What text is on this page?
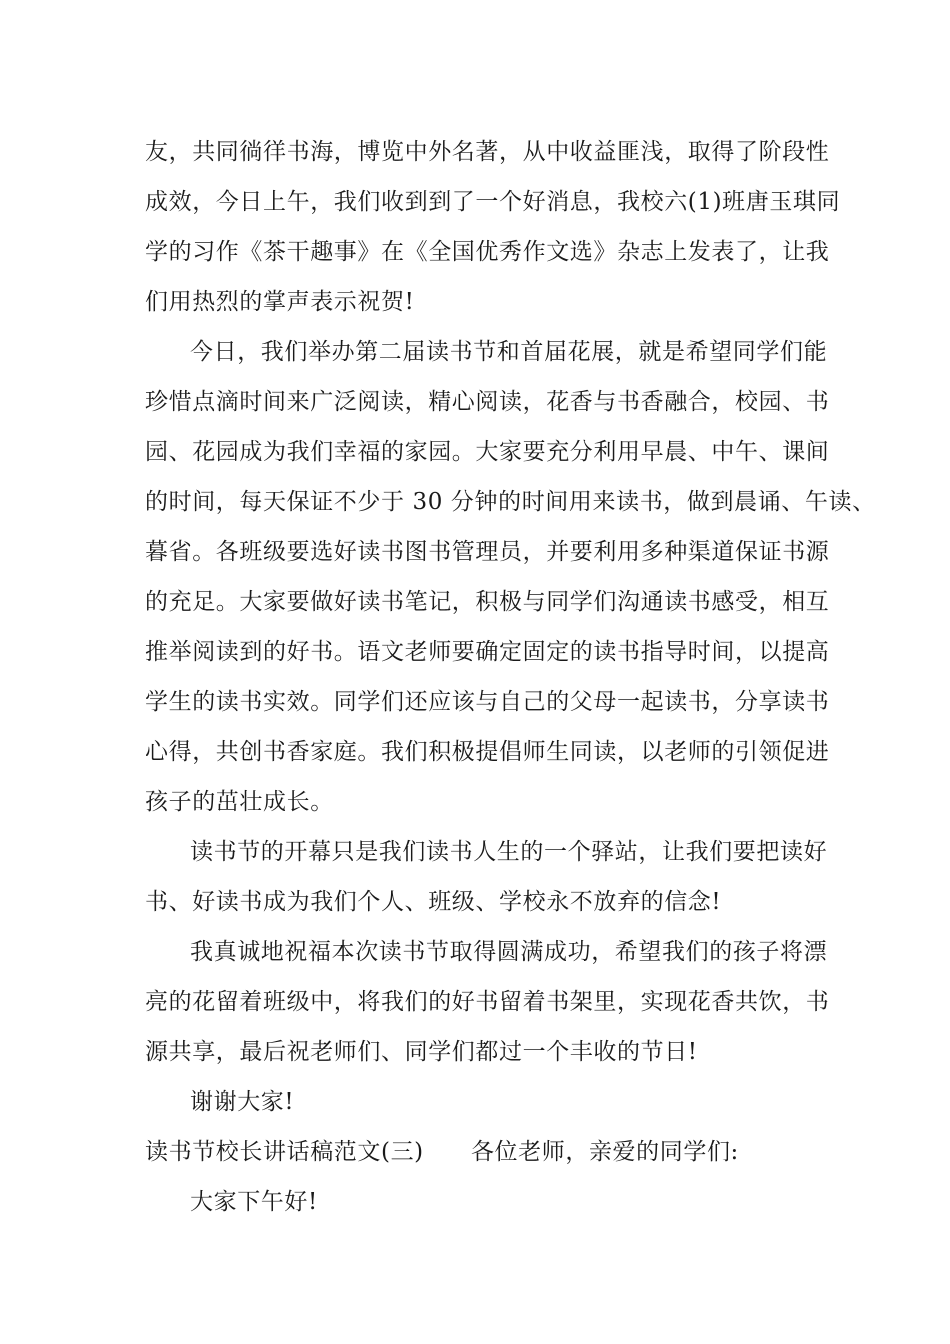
友，共同徜徉书海，博览中外名著，从中收益匪浅，取得了阶段性
成效，今日上午，我们收到到了一个好消息，我校六(1)班唐玉琪同
学的习作《茶干趣事》在《全国优秀作文选》杂志上发表了，让我
们用热烈的掌声表示祝贺!
今日，我们举办第二届读书节和首届花展，就是希望同学们能
珍惜点滴时间来广泛阅读，精心阅读，花香与书香融合，校园、书
园、花园成为我们幸福的家园。大家要充分利用早晨、中午、课间
的时间，每天保证不少于 30 分钟的时间用来读书，做到晨诵、午读、
暮省。各班级要选好读书图书管理员，并要利用多种渠道保证书源
的充足。大家要做好读书笔记，积极与同学们沟通读书感受，相互
推举阅读到的好书。语文老师要确定固定的读书指导时间，以提高
学生的读书实效。同学们还应该与自己的父母一起读书，分享读书
心得，共创书香家庭。我们积极提倡师生同读，以老师的引领促进
孩子的茁壮成长。
读书节的开幕只是我们读书人生的一个驿站，让我们要把读好
书、好读书成为我们个人、班级、学校永不放弃的信念!
我真诚地祝福本次读书节取得圆满成功，希望我们的孩子将漂
亮的花留着班级中，将我们的好书留着书架里，实现花香共饮，书
源共享，最后祝老师们、同学们都过一个丰收的节日!
谢谢大家!
读书节校长讲话稿范文(三)　　各位老师，亲爱的同学们:
大家下午好!
